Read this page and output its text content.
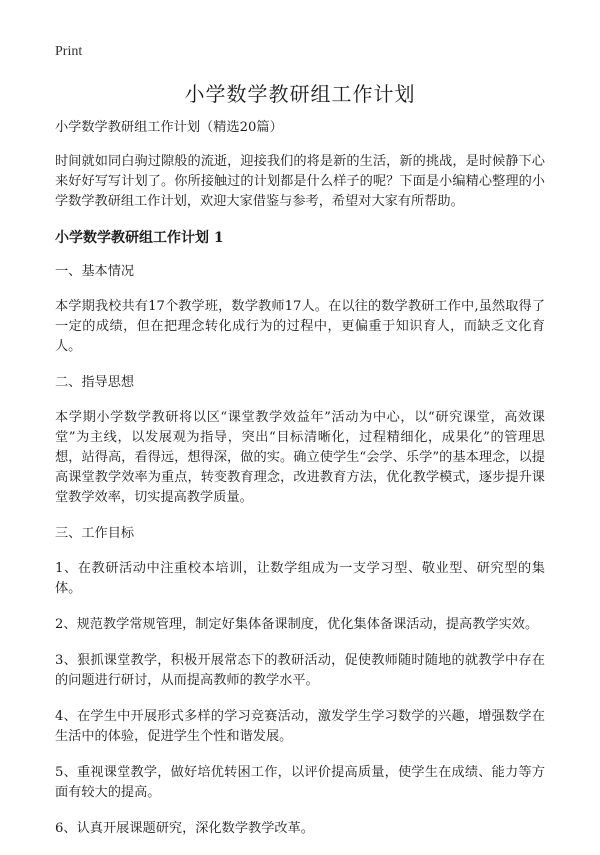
Print
小学数学教研组工作计划

小学数学教研组工作计划（精选20篇）

时间就如同白驹过隙般的流逝，迎接我们的将是新的生活，新的挑战，是时候静下心来好好写写计划了。你所接触过的计划都是什么样子的呢？下面是小编精心整理的小学数学教研组工作计划，欢迎大家借鉴与参考，希望对大家有所帮助。

小学数学教研组工作计划 1

一、基本情况

本学期我校共有17个教学班，数学教师17人。在以往的数学教研工作中,虽然取得了一定的成绩，但在把理念转化成行为的过程中，更偏重于知识育人，而缺乏文化育人。

二、指导思想

本学期小学数学教研将以区“课堂教学效益年”活动为中心，以“研究课堂，高效课堂”为主线，以发展观为指导，突出“目标清晰化，过程精细化，成果化”的管理思想，站得高，看得远，想得深，做的实。确立使学生“会学、乐学”的基本理念，以提高课堂教学效率为重点，转变教育理念，改进教育方法，优化教学模式，逐步提升课堂教学效率，切实提高教学质量。

三、工作目标

1、在教研活动中注重校本培训，让数学组成为一支学习型、敬业型、研究型的集体。

2、规范教学常规管理，制定好集体备课制度，优化集体备课活动，提高教学实效。

3、狠抓课堂教学，积极开展常态下的教研活动，促使教师随时随地的就教学中存在的问题进行研讨，从而提高教师的教学水平。

4、在学生中开展形式多样的学习竞赛活动，激发学生学习数学的兴趣，增强数学在生活中的体验，促进学生个性和谐发展。

5、重视课堂教学，做好培优转困工作，以评价提高质量，使学生在成绩、能力等方面有较大的提高。

6、认真开展课题研究，深化数学教学改革。
